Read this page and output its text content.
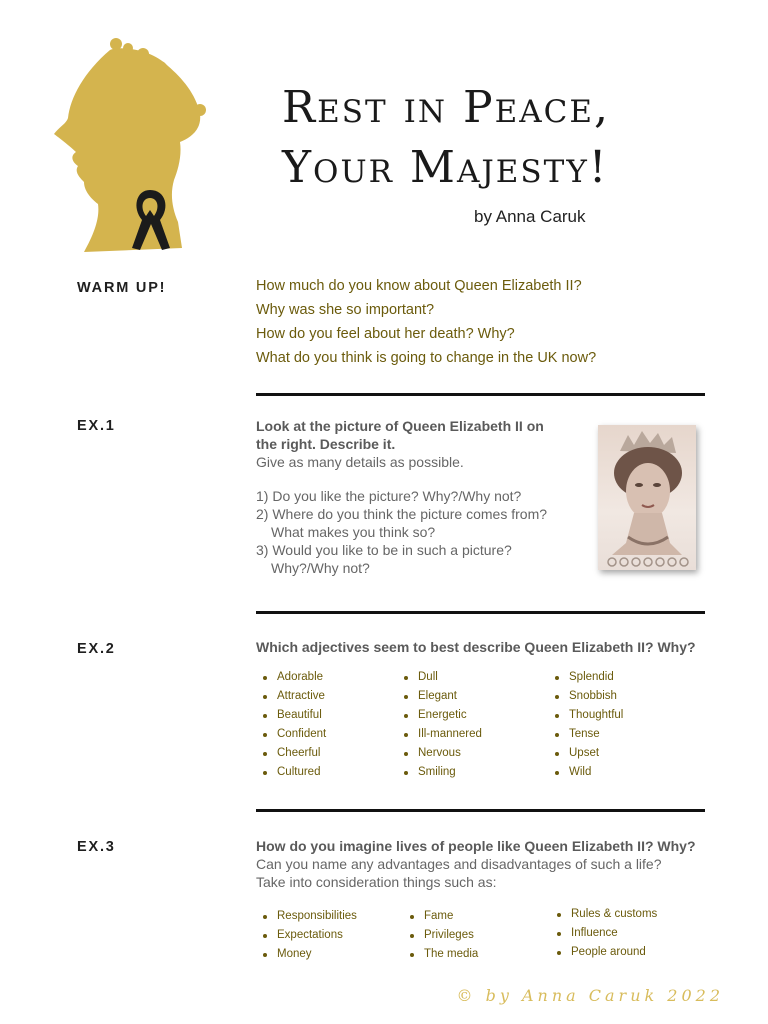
Rest in Peace,
Your Majesty!
by Anna Caruk
WARM UP!	How much do you know about Queen Elizabeth II?
Why was she so important?
How do you feel about her death? Why?
What do you think is going to change in the UK now?
EX.1	Look at the picture of Queen Elizabeth II on
the right. Describe it.
Give as many details as possible.
1) Do you like the picture? Why?/Why not?
2) Where do you think the picture comes from?
What makes you think so?
3) Would you like to be in such a picture?
Why?/Why not?
EX.2	Which adjectives seem to best describe Queen Elizabeth II? Why?
Adorable
Attractive
Beautiful
Confident
Cheerful
Cultured
Dull
Elegant
Energetic
Ill-mannered
Nervous
Smiling
Splendid
Snobbish
Thoughtful
Tense
Upset
Wild
EX.3	How do you imagine lives of people like Queen Elizabeth II? Why?
Can you name any advantages and disadvantages of such a life?
Take into consideration things such as:
Responsibilities
Expectations
Money
Fame
Privileges
The media
Rules & customs
Influence
People around
© by Anna Caruk 2022
